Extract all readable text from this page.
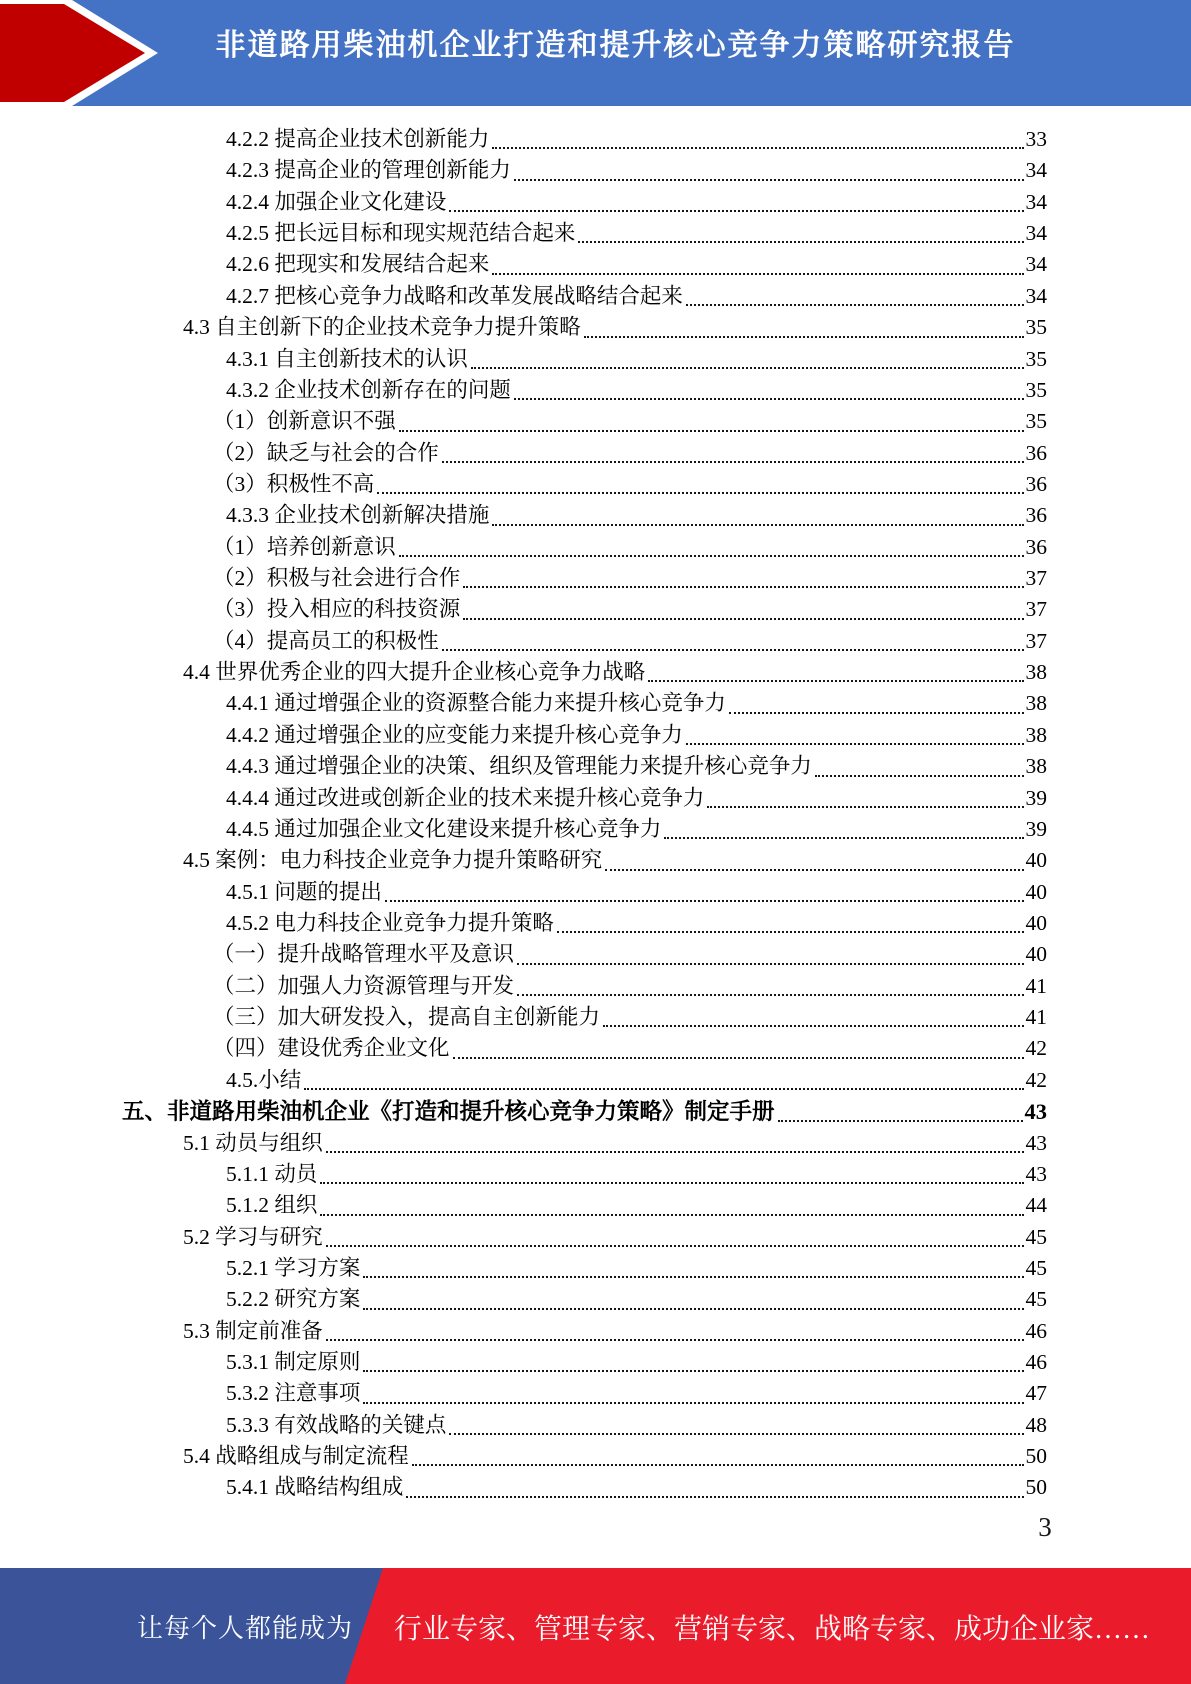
非道路用柴油机企业打造和提升核心竞争力策略研究报告
4.2.2 提高企业技术创新能力	33
4.2.3 提高企业的管理创新能力	34
4.2.4 加强企业文化建设	34
4.2.5 把长远目标和现实规范结合起来	34
4.2.6 把现实和发展结合起来	34
4.2.7 把核心竞争力战略和改革发展战略结合起来	34
4.3 自主创新下的企业技术竞争力提升策略	35
4.3.1 自主创新技术的认识	35
4.3.2 企业技术创新存在的问题	35
（1）创新意识不强	35
（2）缺乏与社会的合作	36
（3）积极性不高	36
4.3.3 企业技术创新解决措施	36
（1）培养创新意识	36
（2）积极与社会进行合作	37
（3）投入相应的科技资源	37
（4）提高员工的积极性	37
4.4 世界优秀企业的四大提升企业核心竞争力战略	38
4.4.1 通过增强企业的资源整合能力来提升核心竞争力	38
4.4.2 通过增强企业的应变能力来提升核心竞争力	38
4.4.3 通过增强企业的决策、组织及管理能力来提升核心竞争力	38
4.4.4 通过改进或创新企业的技术来提升核心竞争力	39
4.4.5 通过加强企业文化建设来提升核心竞争力	39
4.5 案例：电力科技企业竞争力提升策略研究	40
4.5.1 问题的提出	40
4.5.2 电力科技企业竞争力提升策略	40
（一）提升战略管理水平及意识	40
（二）加强人力资源管理与开发	41
（三）加大研发投入，提高自主创新能力	41
（四）建设优秀企业文化	42
4.5.小结	42
五、非道路用柴油机企业《打造和提升核心竞争力策略》制定手册	43
5.1 动员与组织	43
5.1.1 动员	43
5.1.2 组织	44
5.2 学习与研究	45
5.2.1 学习方案	45
5.2.2 研究方案	45
5.3 制定前准备	46
5.3.1 制定原则	46
5.3.2 注意事项	47
5.3.3 有效战略的关键点	48
5.4 战略组成与制定流程	50
5.4.1 战略结构组成	50
3
让每个人都能成为 行业专家、管理专家、营销专家、战略专家、成功企业家……
